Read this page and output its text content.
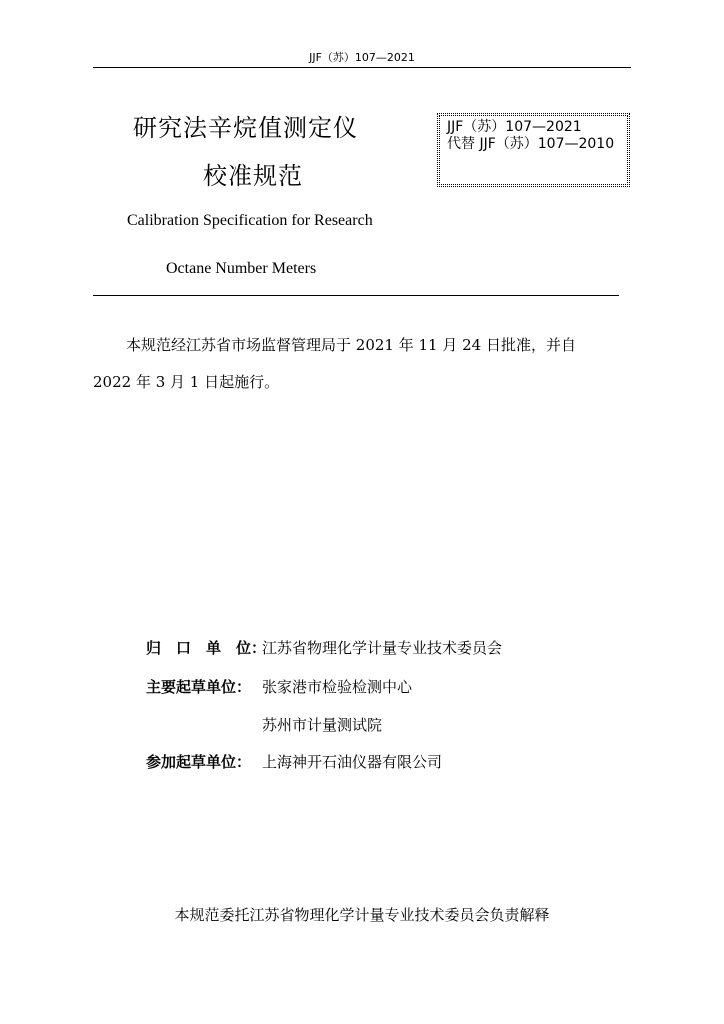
JJF（苏）107—2021
研究法辛烷值测定仪
校准规范
JJF（苏）107—2021
代替 JJF（苏）107—2010
Calibration Specification for Research
Octane Number Meters
本规范经江苏省市场监督管理局于 2021 年 11 月 24 日批准，并自
2022 年 3 月 1 日起施行。
归　口　单　位：
江苏省物理化学计量专业技术委员会
主要起草单位： 张家港市检验检测中心
苏州市计量测试院
参加起草单位： 上海神开石油仪器有限公司
本规范委托江苏省物理化学计量专业技术委员会负责解释
